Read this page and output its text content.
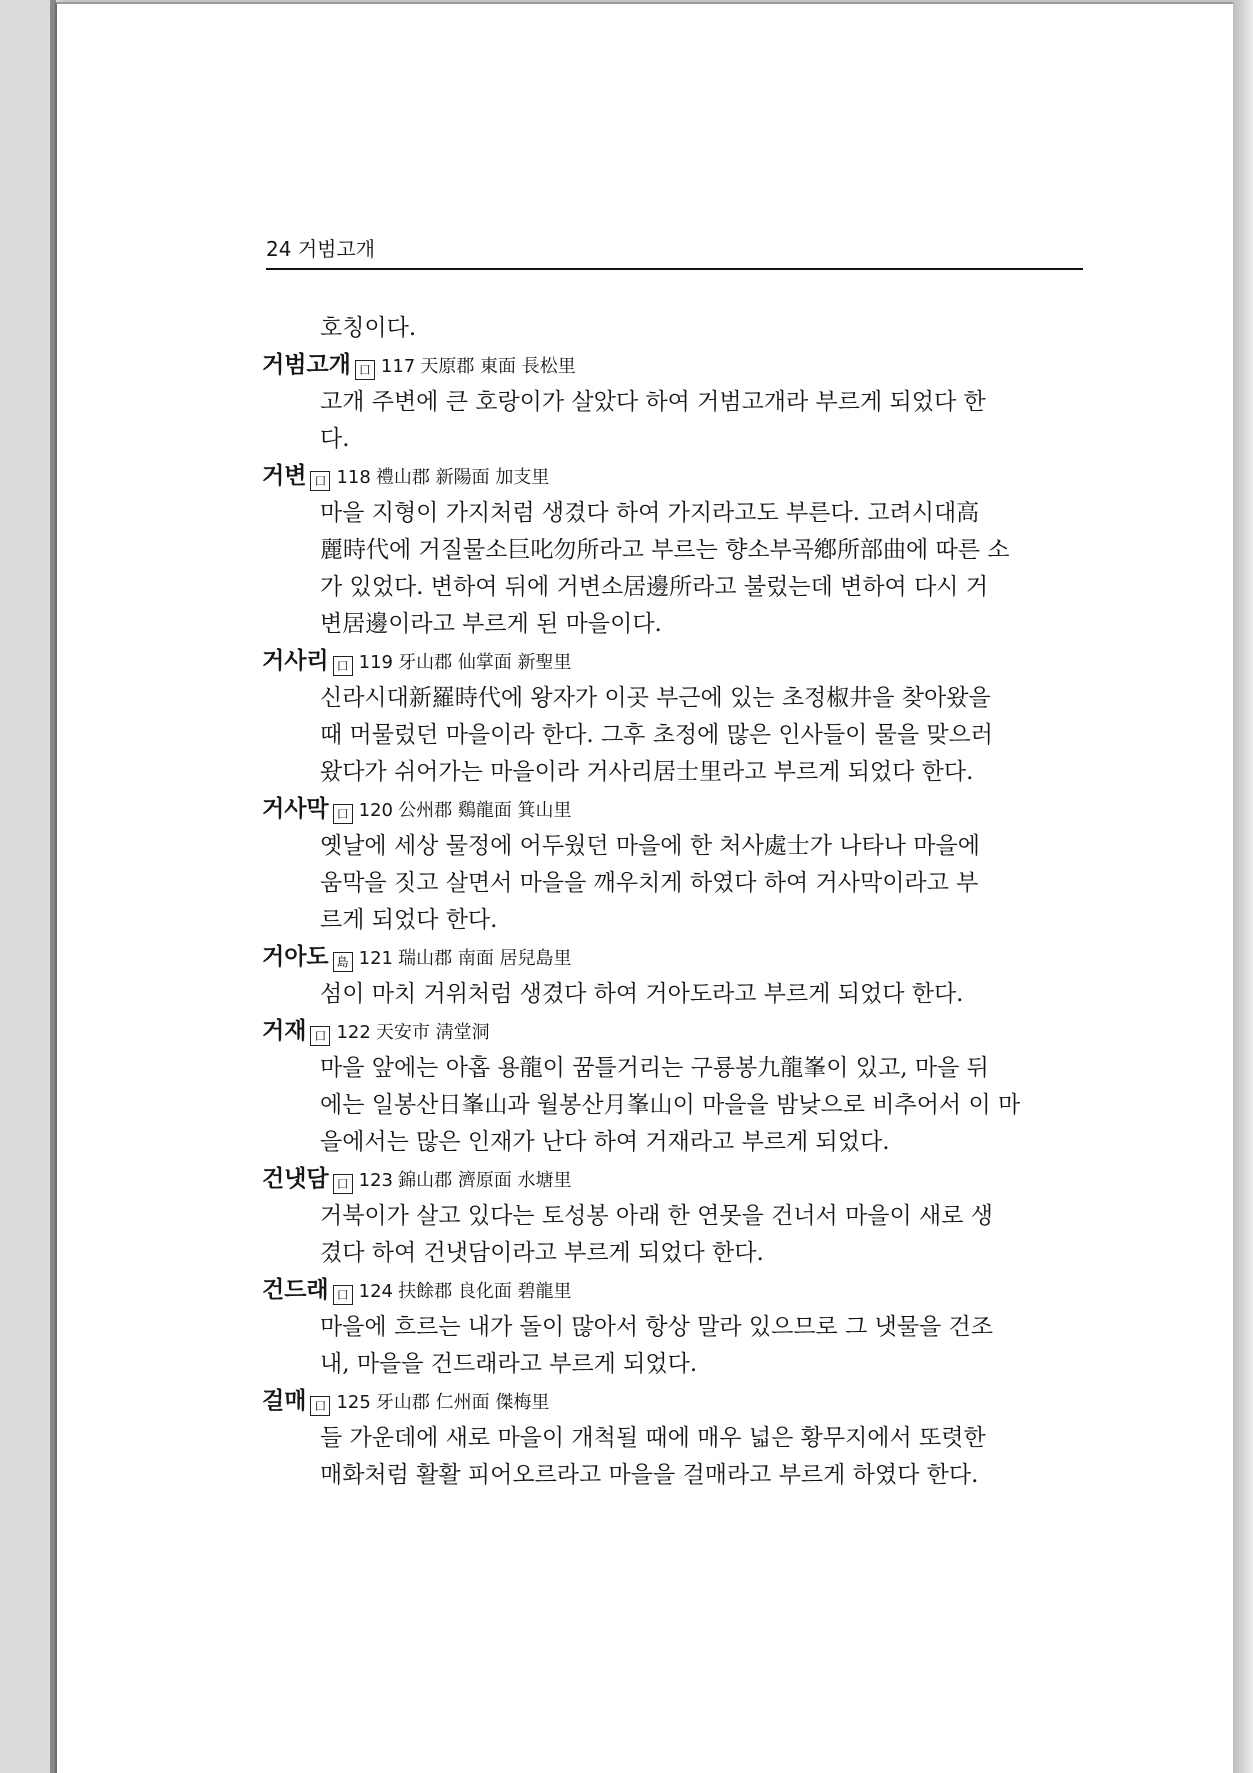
24 거범고개
호칭이다.
거범고개 口 117 天原郡 東面 長松里
고개 주변에 큰 호랑이가 살았다 하여 거범고개라 부르게 되었다 한
다.
거변 口 118 禮山郡 新陽面 加支里
마을 지형이 가지처럼 생겼다 하여 가지라고도 부른다. 고려시대高
麗時代에 거질물소巨叱勿所라고 부르는 향소부곡鄕所部曲에 따른 소
가 있었다. 변하여 뒤에 거변소居邊所라고 불렀는데 변하여 다시 거
변居邊이라고 부르게 된 마을이다.
거사리 口 119 牙山郡 仙掌面 新聖里
신라시대新羅時代에 왕자가 이곳 부근에 있는 초정椒井을 찾아왔을
때 머물렀던 마을이라 한다. 그후 초정에 많은 인사들이 물을 맞으러
왔다가 쉬어가는 마을이라 거사리居士里라고 부르게 되었다 한다.
거사막 口 120 公州郡 鷄龍面 箕山里
옛날에 세상 물정에 어두웠던 마을에 한 처사處士가 나타나 마을에
움막을 짓고 살면서 마을을 깨우치게 하였다 하여 거사막이라고 부
르게 되었다 한다.
거아도 島 121 瑞山郡 南面 居兒島里
섬이 마치 거위처럼 생겼다 하여 거아도라고 부르게 되었다 한다.
거재 口 122 天安市 淸堂洞
마을 앞에는 아홉 용龍이 꿈틀거리는 구룡봉九龍峯이 있고, 마을 뒤
에는 일봉산日峯山과 월봉산月峯山이 마을을 밤낮으로 비추어서 이 마
을에서는 많은 인재가 난다 하여 거재라고 부르게 되었다.
건냇담 口 123 錦山郡 濟原面 水塘里
거북이가 살고 있다는 토성봉 아래 한 연못을 건너서 마을이 새로 생
겼다 하여 건냇담이라고 부르게 되었다 한다.
건드래 口 124 扶餘郡 良化面 碧龍里
마을에 흐르는 내가 돌이 많아서 항상 말라 있으므로 그 냇물을 건조
내, 마을을 건드래라고 부르게 되었다.
걸매 口 125 牙山郡 仁州面 傑梅里
들 가운데에 새로 마을이 개척될 때에 매우 넓은 황무지에서 또렷한
매화처럼 활활 피어오르라고 마을을 걸매라고 부르게 하였다 한다.
